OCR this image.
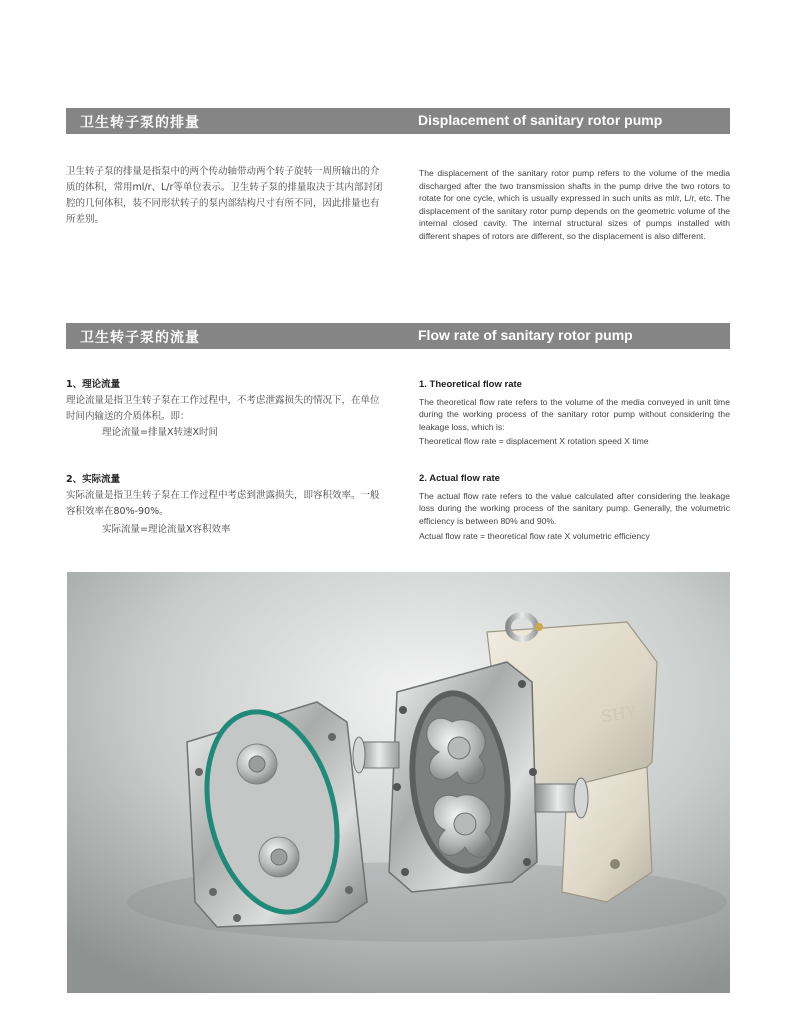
卫生转子泵的排量	Displacement of sanitary rotor pump
卫生转子泵的排量是指泵中的两个传动轴带动两个转子旋转一周所输出的介质的体积，常用ml/r、L/r等单位表示。卫生转子泵的排量取决于其内部封闭腔的几何体积，装不同形状转子的泵内部结构尺寸有所不同，因此排量也有所差别。
The displacement of the sanitary rotor pump refers to the volume of the media discharged after the two transmission shafts in the pump drive the two rotors to rotate for one cycle, which is usually expressed in such units as ml/r, L/r, etc. The displacement of the sanitary rotor pump depends on the geometric volume of the internal closed cavity. The internal structural sizes of pumps installed with different shapes of rotors are different, so the displacement is also different.
卫生转子泵的流量	Flow rate of sanitary rotor pump
1、理论流量
理论流量是指卫生转子泵在工作过程中，不考虑泄露损失的情况下，在单位时间内输送的介质体积。即：
理论流量=排量X转速X时间
1. Theoretical flow rate
The theoretical flow rate refers to the volume of the media conveyed in unit time during the working process of the sanitary rotor pump without considering the leakage loss, which is:
Theoretical flow rate = displacement X rotation speed X time
2、实际流量
实际流量是指卫生转子泵在工作过程中考虑到泄露损失，即容积效率。一般容积效率在80%-90%。
实际流量=理论流量X容积效率
2. Actual flow rate
The actual flow rate refers to the value calculated after considering the leakage loss during the working process of the sanitary pump. Generally, the volumetric efficiency is between 80% and 90%.
Actual flow rate = theoretical flow rate X volumetric efficiency
SHY
